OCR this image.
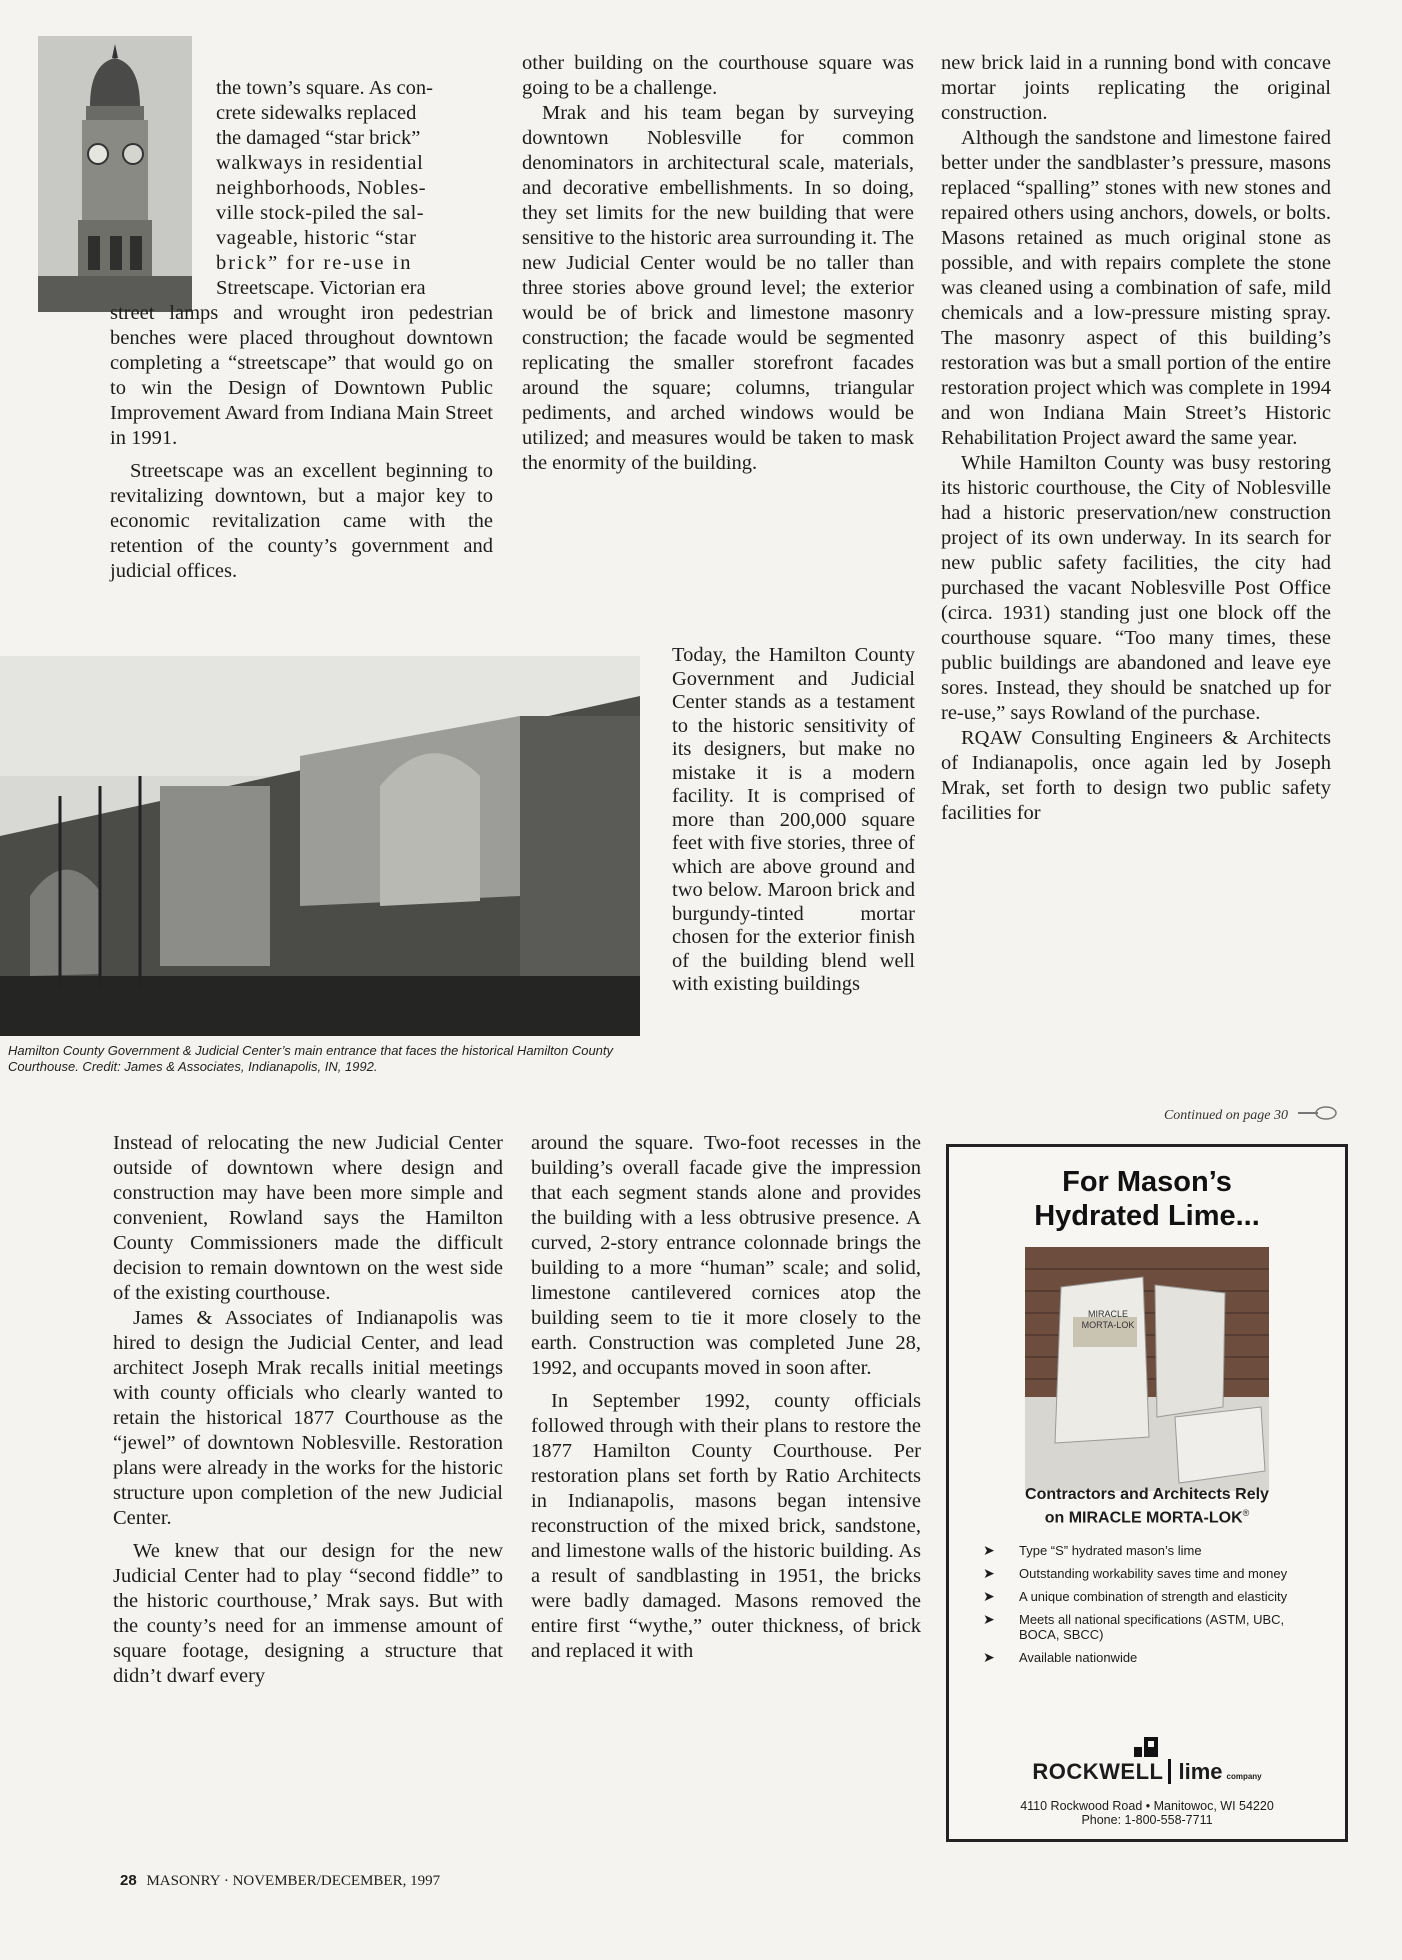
the town’s square. As con-
crete sidewalks replaced
the damaged “star brick”
walkways in residential
neighborhoods, Nobles-
ville stock-piled the sal-
vageable, historic “star
brick” for re-use in
Streetscape. Victorian era

street lamps and wrought iron pedestrian benches were placed throughout downtown completing a “streetscape” that would go on to win the Design of Downtown Public Improvement Award from Indiana Main Street in 1991.

Streetscape was an excellent beginning to revitalizing downtown, but a major key to economic revitalization came with the retention of the county’s government and judicial offices.

other building on the courthouse square was going to be a challenge.

Mrak and his team began by surveying downtown Noblesville for common denominators in architectural scale, materials, and decorative embellishments. In so doing, they set limits for the new building that were sensitive to the historic area surrounding it. The new Judicial Center would be no taller than three stories above ground level; the exterior would be of brick and limestone masonry construction; the facade would be segmented replicating the smaller storefront facades around the square; columns, triangular pediments, and arched windows would be utilized; and measures would be taken to mask the enormity of the building.

Today, the Hamilton County Government and Judicial Center stands as a testament to the historic sensitivity of its designers, but make no mistake it is a modern facility. It is comprised of more than 200,000 square feet with five stories, three of which are above ground and two below. Maroon brick and burgundy-tinted mortar chosen for the exterior finish of the building blend well with existing buildings

Hamilton County Government & Judicial Center’s main entrance that faces the historical Hamilton County Courthouse. Credit: James & Associates, Indianapolis, IN, 1992.

Instead of relocating the new Judicial Center outside of downtown where design and construction may have been more simple and convenient, Rowland says the Hamilton County Commissioners made the difficult decision to remain downtown on the west side of the existing courthouse.

James & Associates of Indianapolis was hired to design the Judicial Center, and lead architect Joseph Mrak recalls initial meetings with county officials who clearly wanted to retain the historical 1877 Courthouse as the “jewel” of downtown Noblesville. Restoration plans were already in the works for the historic structure upon completion of the new Judicial Center.

We knew that our design for the new Judicial Center had to play “second fiddle” to the historic courthouse,’ Mrak says. But with the county’s need for an immense amount of square footage, designing a structure that didn’t dwarf every

around the square. Two-foot recesses in the building’s overall facade give the impression that each segment stands alone and provides the building with a less obtrusive presence. A curved, 2-story entrance colonnade brings the building to a more “human” scale; and solid, limestone cantilevered cornices atop the building seem to tie it more closely to the earth. Construction was completed June 28, 1992, and occupants moved in soon after.

In September 1992, county officials followed through with their plans to restore the 1877 Hamilton County Courthouse. Per restoration plans set forth by Ratio Architects in Indianapolis, masons began intensive reconstruction of the mixed brick, sandstone, and limestone walls of the historic building. As a result of sandblasting in 1951, the bricks were badly damaged. Masons removed the entire first “wythe,” outer thickness, of brick and replaced it with

new brick laid in a running bond with concave mortar joints replicating the original construction.

Although the sandstone and limestone faired better under the sandblaster’s pressure, masons replaced “spalling” stones with new stones and repaired others using anchors, dowels, or bolts. Masons retained as much original stone as possible, and with repairs complete the stone was cleaned using a combination of safe, mild chemicals and a low-pressure misting spray. The masonry aspect of this building’s restoration was but a small portion of the entire restoration project which was complete in 1994 and won Indiana Main Street’s Historic Rehabilitation Project award the same year.

While Hamilton County was busy restoring its historic courthouse, the City of Noblesville had a historic preservation/new construction project of its own underway. In its search for new public safety facilities, the city had purchased the vacant Noblesville Post Office (circa. 1931) standing just one block off the courthouse square. “Too many times, these public buildings are abandoned and leave eye sores. Instead, they should be snatched up for re-use,” says Rowland of the purchase.

RQAW Consulting Engineers & Architects of Indianapolis, once again led by Joseph Mrak, set forth to design two public safety facilities for

Continued on page 30
For Mason’s
Hydrated Lime...
MIRACLE
MORTA-LOK
Contractors and Architects Rely
on MIRACLE MORTA-LOK®
➤ Type “S” hydrated mason’s lime
➤ Outstanding workability saves time and money
➤ A unique combination of strength and elasticity
➤ Meets all national specifications (ASTM, UBC, BOCA, SBCC)
➤ Available nationwide
ROCKWELL lime company
4110 Rockwood Road • Manitowoc, WI 54220
Phone: 1-800-558-7711
28 MASONRY · NOVEMBER/DECEMBER, 1997
